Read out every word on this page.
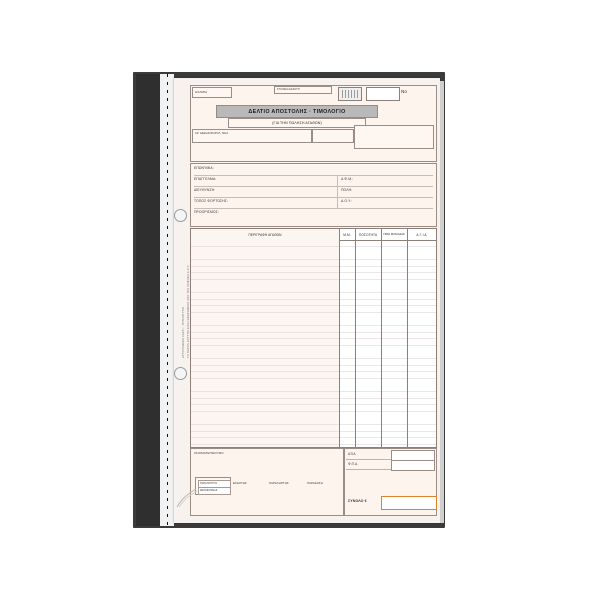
ΤΟ ΠΑΡΟΝ ΕΝΤΥΠΟ ΕΙΝΑΙ ΘΕΩΡΗΜΕΝΟ ΑΠΟ ΤΗΝ ΑΡΜΟΔΙΑ Δ.Ο.Υ.
ΑΥΤΟΓΡΑΦΙΚΟ ΧΑΡΤΙ - ΤΡΙΠΛΟΤΥΠΟ
ΗΧΛΜΙΑ
ΣΤΟΙΧΕΙΑ ΕΚΔΟΤΗ	Νο
ΔΕΛΤΙΟ ΑΠΟΣΤΟΛΗΣ · ΤΙΜΟΛΟΓΙΟ
(ΓΙΑ ΤΗΝ ΠΩΛΗΣΗ ΑΓΑΘΩΝ)
ΑΡ. ΑΔΕΙΑΣ/ΦΟΡΟΛ. ΜΗΧ.
ΕΠΩΝΥΜΙΑ:
ΕΠΑΓΓΕΛΜΑ:	Α.Φ.Μ.:
ΔΙΕΥΘΥΝΣΗ:	ΠΟΛΗ:
ΤΟΠΟΣ ΦΟΡΤΩΣΗΣ:	Δ.Ο.Υ.:
ΠΡΟΟΡΙΣΜΟΣ:
ΠΕΡΙΓΡΑΦΗ ΑΓΑΘΩΝ	Μ.Μ.	ΠΟΣΟΤΗΤΑ	ΤΙΜΗ ΜΟΝΑΔΑΣ	Α Ξ Ι Α
ΟΝΟΜΑΤΕΠΩΝΥΜΟ
ΠΑΡΑΛΗΠΤΗΣ
ΜΕΤΑΦΟΡΕΑΣ
ΕΚΔΟΤΗΣ	ΠΑΡΑΛΗΠΤΗΣ	ΠΑΡΑΔΟΣΗ
ΑΞΙΑ
Φ.Π.Α.
ΣΥΝΟΛΟ €
